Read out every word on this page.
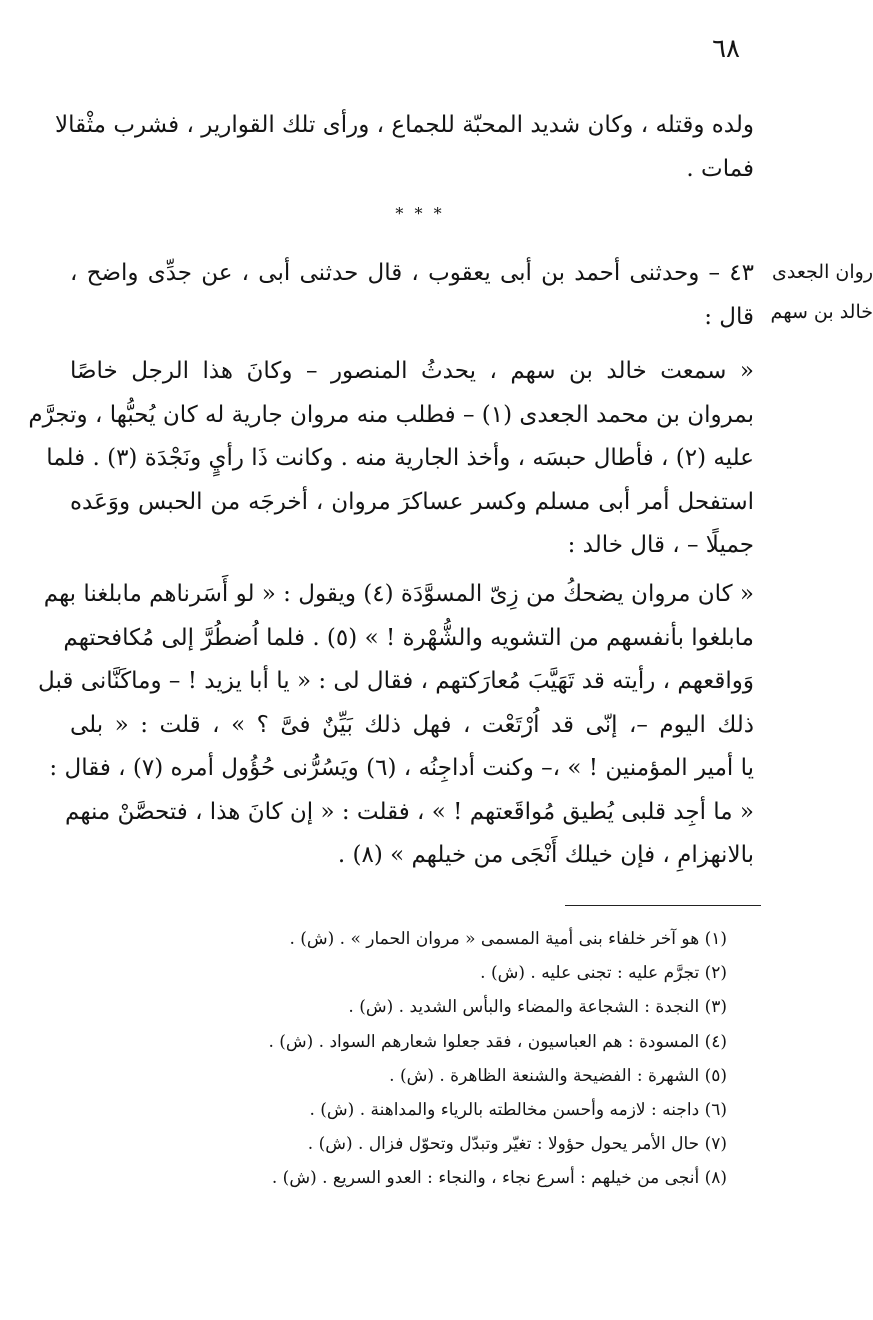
٦٨
روان الجعدى
خالد بن سهم
ولده وقتله ، وكان شديد المحبّة للجماع ، ورأى تلك القوارير ، فشرب مثْقالا
فمات .
* * *
٤٣ – وحدثنى أحمد بن أبى يعقوب ، قال حدثنى أبى ، عن جدِّى واضح ،
قال :
« سمعت خالد بن سهم ، يحدثُ المنصور – وكانَ هذا الرجل خاصًا
بمروان بن محمد الجعدى (١) – فطلب منه مروان جارية له كان يُحبُّها ، وتجرَّم
عليه (٢) ، فأطال حبسَه ، وأخذ الجارية منه . وكانت ذَا رأيٍ ونَجْدَة (٣) . فلما
استفحل أمر أبى مسلم وكسر عساكرَ مروان ، أخرجَه من الحبس ووَعَده
جميلًا – ، قال خالد :
« كان مروان يضحكُ من زِىّ المسوَّدَة (٤) ويقول : « لو أَسَرناهم مابلغنا بهم
مابلغوا بأنفسهم من التشويه والشُّهْرة ! » (٥) . فلما اُضطُرَّ إلى مُكافحتهم
وَواقعهم ، رأيته قد تَهَيَّبَ مُعارَكتهم ، فقال لى : « يا أبا يزيد ! – وماكَنَّانى قبل
ذلك اليوم –، إنّى قد اُرْتَعْت ، فهل ذلك بَيِّنٌ فىَّ ؟ » ، قلت : « بلى
يا أمير المؤمنين ! » ،– وكنت أداجِنُه ، (٦) ويَسُرُّنى حُؤُول أمره (٧) ، فقال :
« ما أجِد قلبى يُطيق مُواقَعتهم ! » ، فقلت : « إن كانَ هذا ، فتحصَّنْ منهم
بالانهزامِ ، فإن خيلك أَنْجَى من خيلهم » (٨) .
(١) هو آخر خلفاء بنى أمية المسمى « مروان الحمار » . (ش) .
(٢) تجرَّم عليه : تجنى عليه . (ش) .
(٣) النجدة : الشجاعة والمضاء والبأس الشديد . (ش) .
(٤) المسودة : هم العباسيون ، فقد جعلوا شعارهم السواد . (ش) .
(٥) الشهرة : الفضيحة والشنعة الظاهرة . (ش) .
(٦) داجنه : لازمه وأحسن مخالطته بالرياء والمداهنة . (ش) .
(٧) حال الأمر يحول حؤولا : تغيّر وتبدّل وتحوّل فزال . (ش) .
(٨) أنجى من خيلهم : أسرع نجاء ، والنجاء : العدو السريع . (ش) .
